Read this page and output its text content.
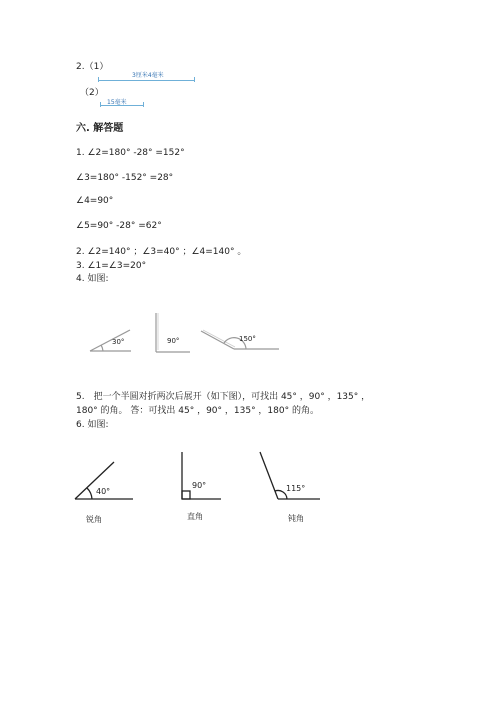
2.（1）
3厘米4毫米
（2）
15毫米
六. 解答题
1. ∠2=180° -28° =152°
∠3=180° -152° =28°
∠4=90°
∠5=90° -28° =62°
2. ∠2=140° ；∠3=40° ；∠4=140° 。
3. ∠1=∠3=20°
4. 如图:
30°	90°	150°
5.　把一个半圆对折两次后展开（如下图），可找出 45° ，90° ，135° ，
180° 的角。 答：可找出 45° ，90° ，135° ，180° 的角。
6. 如图:
40°
锐角
90°
直角
115°
钝角
